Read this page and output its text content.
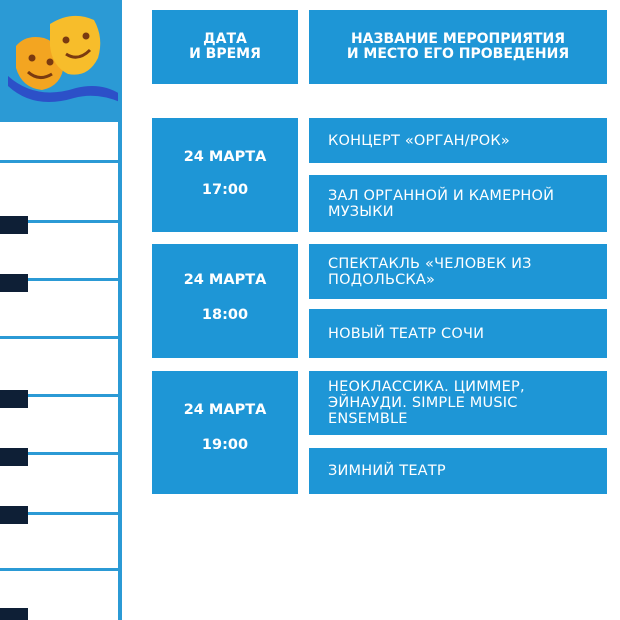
ДАТА
И ВРЕМЯ
НАЗВАНИЕ МЕРОПРИЯТИЯ
И МЕСТО ЕГО ПРОВЕДЕНИЯ
24 МАРТА
17:00
КОНЦЕРТ «ОРГАН/РОК»
ЗАЛ ОРГАННОЙ И КАМЕРНОЙ МУЗЫКИ
24 МАРТА
18:00
СПЕКТАКЛЬ «ЧЕЛОВЕК ИЗ ПОДОЛЬСКА»
НОВЫЙ ТЕАТР СОЧИ
24 МАРТА
19:00
НЕОКЛАССИКА. ЦИММЕР, ЭЙНАУДИ. SIMPLE MUSIC ENSEMBLE
ЗИМНИЙ ТЕАТР
